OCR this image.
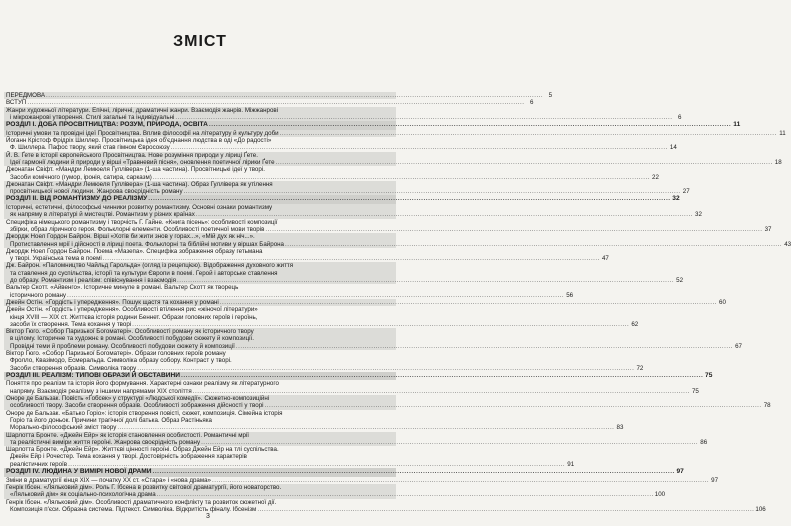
ЗМІСТ
ПЕРЕДМОВА .....	5
ВСТУП .....	6
Жанри художньої літератури. Епічні, ліричні, драматичні жанри. Взаємодія жанрів. Міжжанрові
і мікрожанрові утворення. Стилі загальні та індивідуальні .....	6
РОЗДІЛ I. ДОБА ПРОСВІТНИЦТВА: РОЗУМ, ПРИРОДА, ОСВІТА .....	11
Історичні умови та провідні ідеї Просвітництва. Вплив філософії на літературу й культуру доби .....	11
Йоганн Крістоф Фрідріх Шиллер. Просвітницька ідея об'єднання людства в оді «До радості»
Ф. Шиллера. Пафос твору, який став гімном Євросоюзу .....	14
Й. В. Ґете в історії європейського Просвітництва. Нове розуміння природи у ліриці Ґете.
Ідеї гармонії людини й природи у вірші «Травневий пісня», оновлення поетичної лірики Ґете .....	18
Джонатан Свіфт. «Мандри Лемюеля Гуллівера» (1-ша частина). Просвітницькі ідеї у творі.
Засоби комічного (гумор, іронія, сатира, сарказм) .....	22
Джонатан Свіфт. «Мандри Лемюеля Гуллівера» (1-ша частина). Образ Гуллівера як утілення
просвітницької нової людини. Жанрова своєрідність роману .....	27
РОЗДІЛ II. ВІД РОМАНТИЗМУ ДО РЕАЛІЗМУ .....	32
Історичні, естетичні, філософські чинники розвитку романтизму. Основні ознаки романтизму
як напряму в літературі й мистецтві. Романтизм у різних країнах .....	32
Специфіка німецького романтизму і творчість Г. Гайне. «Книга пісень»: особливості композиції
збірки, образ ліричного героя. Фольклорні елементи. Особливості поетичної мови творів .....	37
Джордж Ноел Гордон Байрон. Вірші «Хотів би жити знов у горах...», «Мій дух як ніч...».
Протиставлення мрії і дійсності в ліриці поета. Фольклорні та біблійні мотиви у віршах Байрона .....	43
Джордж Ноел Гордон Байрон. Поема «Мазепа». Специфіка зображення образу гетьмана
у творі. Українська тема в поемі .....	47
Дж. Байрон. «Паломництво Чайльд Гарольда» (огляд із рецепцією). Відображення духовного життя
та ставлення до суспільства, історії та культури Європи в поемі. Герой і авторське ставлення
до образу. Романтизм і реалізм: співіснування і взаємодія .....	52
Вальтер Скотт. «Айвенго». Історичне минуле в романі. Вальтер Скотт як творець
історичного роману .....	56
Джейн Остін. «Гордість і упередження». Пошук щастя та кохання у романі .....	60
Джейн Остін. «Гордість і упередження». Особливості втілення рис «жіночої літератури»
кінця XVIII — XIX ст. Життєва історія родини Беннет. Образи головних героїв і героїнь,
засоби їх створення. Тема кохання у творі .....	62
Віктор Гюго. «Собор Паризької Богоматері». Особливості роману як історичного твору
в цілому. Історичне та художнє в романі. Особливості побудови сюжету й композиції.
Провідні теми й проблеми роману. Особливості побудови сюжету й композиції .....	67
Віктор Гюго. «Собор Паризької Богоматері». Образи головних героїв роману
Фролло, Квазімодо, Есмеральда. Символіка образу собору. Контраст у творі.
Засоби створення образів. Символіка твору .....	72
РОЗДІЛ III. РЕАЛІЗМ: ТИПОВІ ОБРАЗИ Й ОБСТАВИНИ .....	75
Поняття про реалізм та історія його формування. Характерні ознаки реалізму як літературного
напряму. Взаємодія реалізму з іншими напрямами XIX століття .....	75
Оноре де Бальзак. Повість «Гобсек» у структурі «Людської комедії». Сюжетно-композиційні
особливості твору. Засоби створення образів. Особливості зображення дійсності у творі .....	78
Оноре де Бальзак. «Батько Горіо»: історія створення повісті, сюжет, композиція. Сімейна історія
Горіо та його доньок. Причини трагічної долі батька. Образ Растіньяка
Морально-філософський зміст твору .....	83
Шарлотта Бронте. «Джейн Ейр» як історія становлення особистості. Романтичні мрії
та реалістичні виміри життя героїні. Жанрова своєрідність роману .....	86
Шарлотта Бронте. «Джейн Ейр». Життєві цінності героїні. Образ Джейн Ейр на тлі суспільства.
Джейн Ейр і Рочестер. Тема кохання у творі. Достовірність зображення характерів
реалістичних героїв .....	91
РОЗДІЛ IV. ЛЮДИНА У ВИМІРІ НОВОЇ ДРАМИ .....	97
Зміни в драматургії кінця XIX — початку XX ст. «Стара» і «нова драма» .....	97
Генрік Ібсен. «Ляльковий дім». Роль Г. Ібсена в розвитку світової драматургії, його новаторство.
«Ляльковий дім» як соціально-психологічна драма .....	100
Генрік Ібсен. «Ляльковий дім». Особливості драматичного конфлікту та розвиток сюжетної дії.
Композиція п'єси. Образна система. Підтекст. Символіка. Відкритість фіналу. Ібсенізм .....	106
3
